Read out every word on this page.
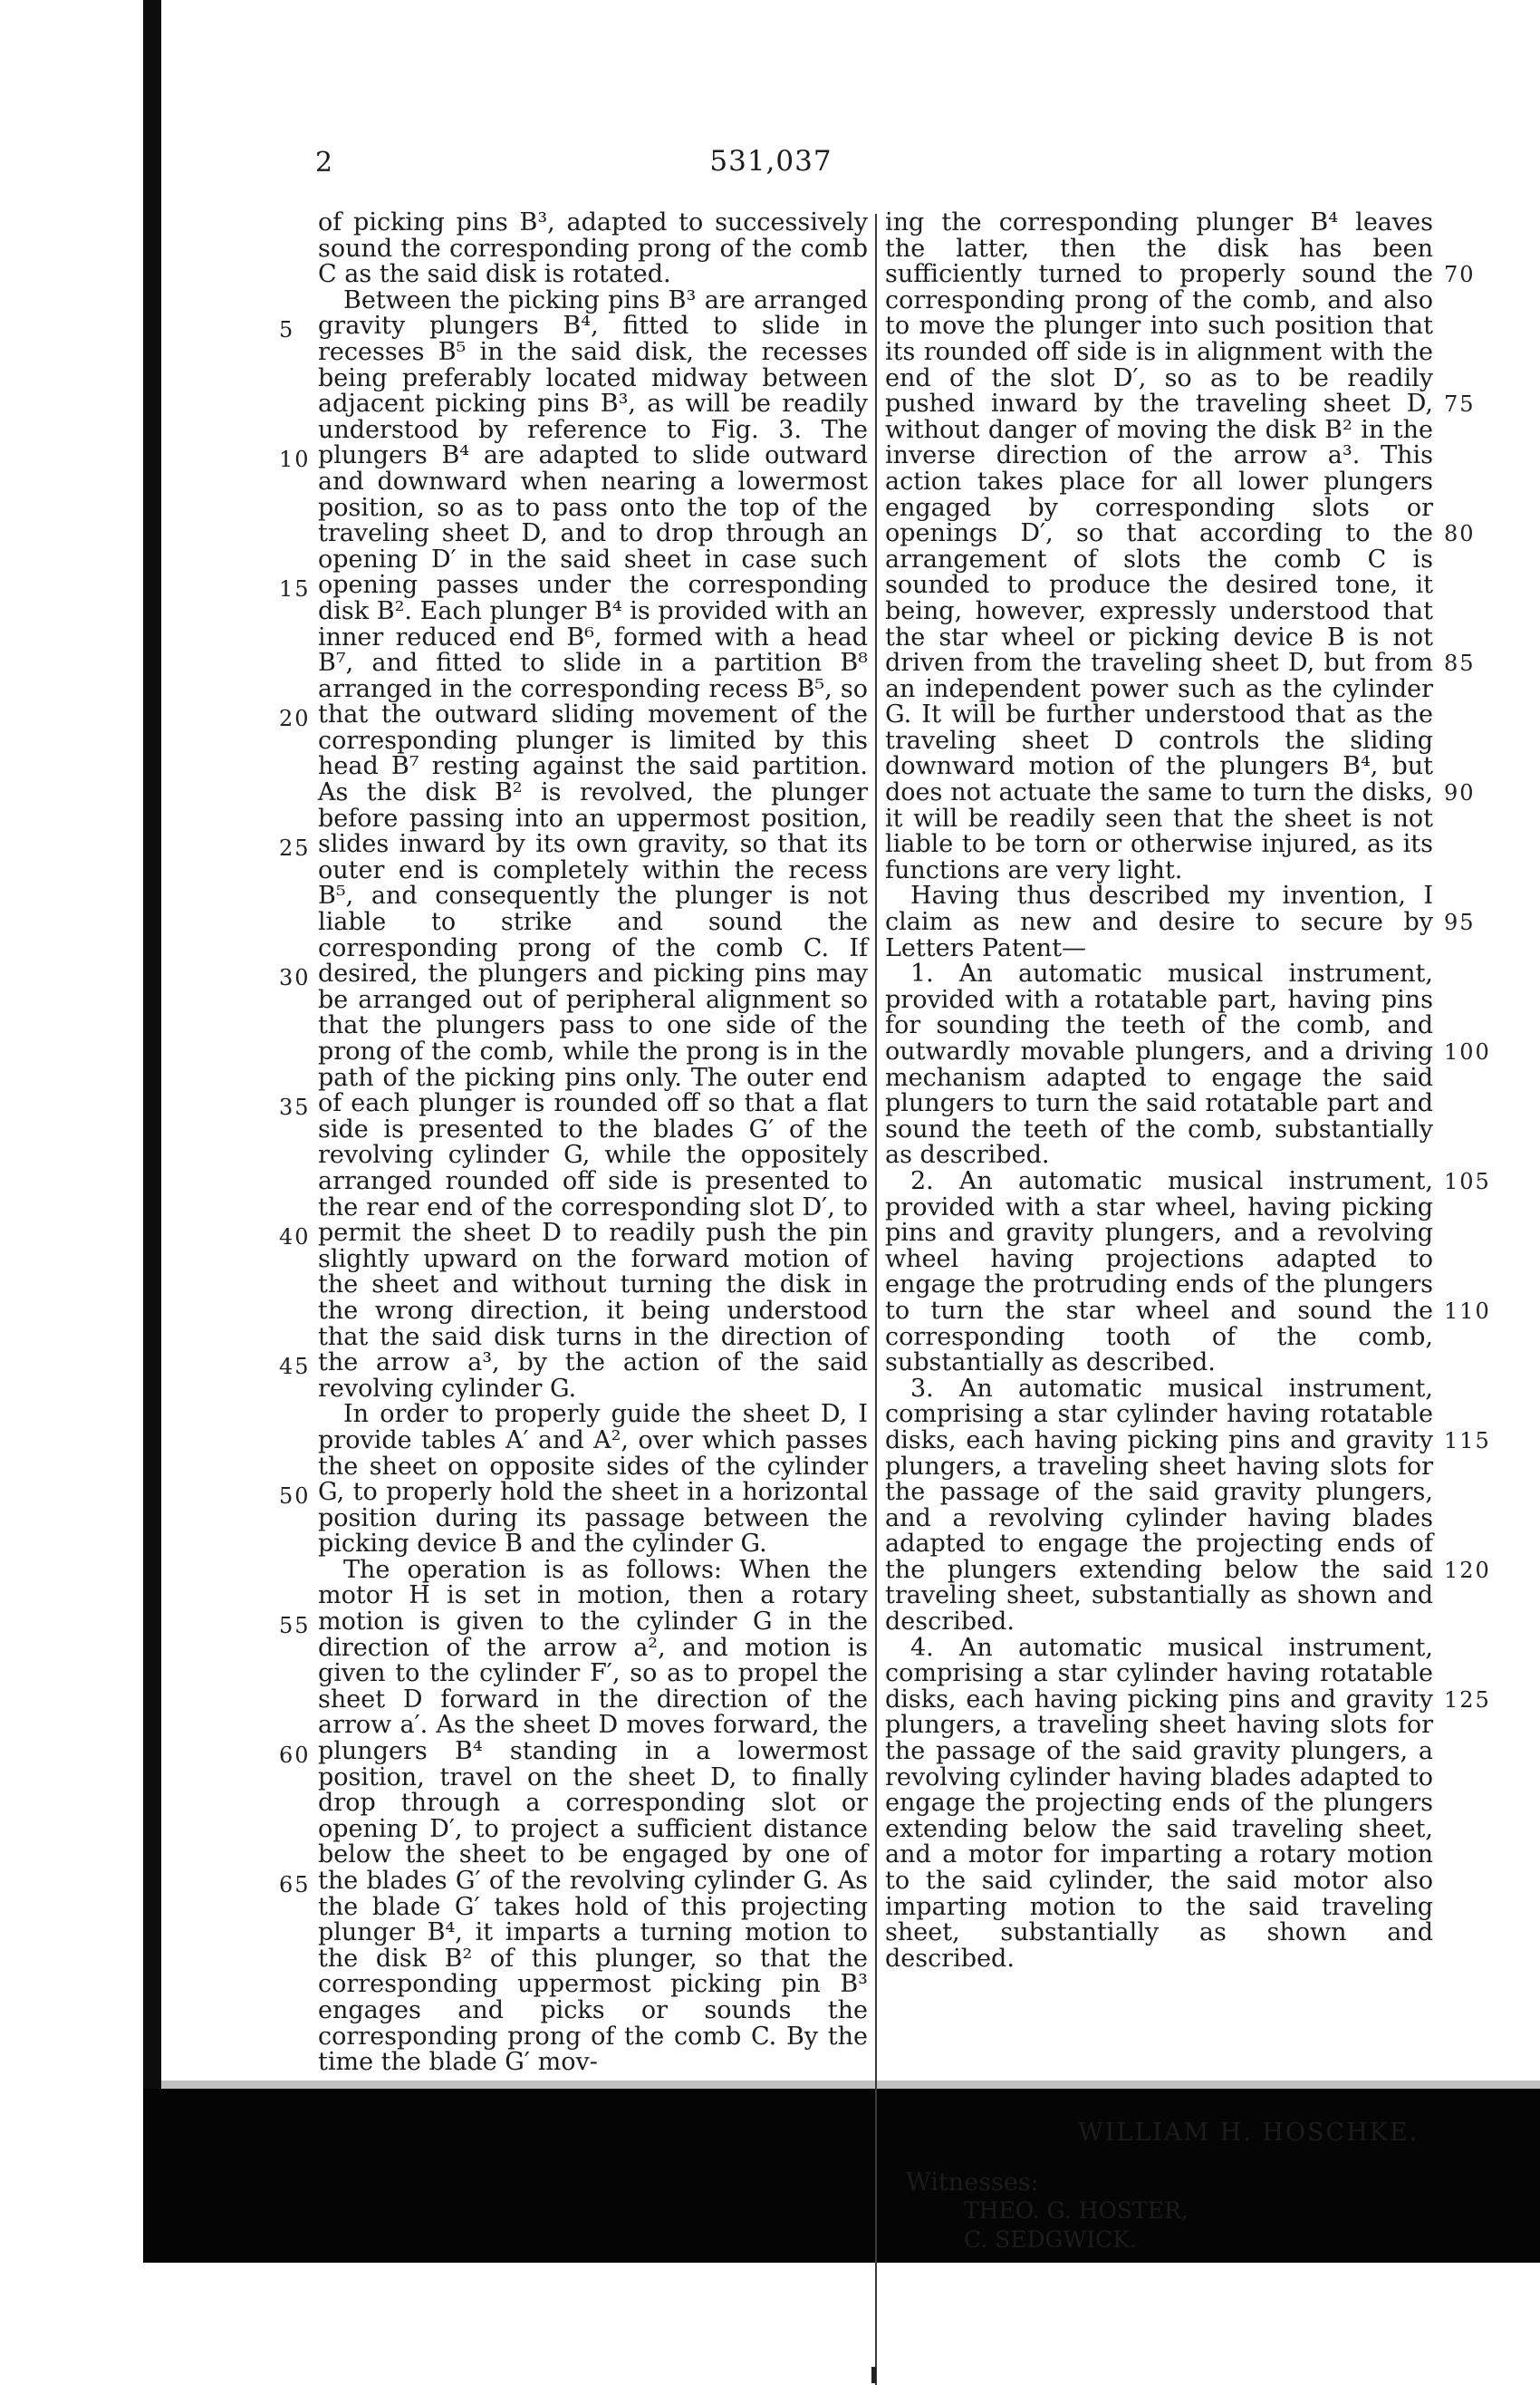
2	531,037

of picking pins B³, adapted to successively sound the corresponding prong of the comb C as the said disk is rotated.

Between the picking pins B³ are arranged gravity plungers B⁴, fitted to slide in recesses B⁵ in the said disk, the recesses being preferably located midway between adjacent picking pins B³, as will be readily understood by reference to Fig. 3. The plungers B⁴ are adapted to slide outward and downward when nearing a lowermost position, so as to pass onto the top of the traveling sheet D, and to drop through an opening D′ in the said sheet in case such opening passes under the corresponding disk B². Each plunger B⁴ is provided with an inner reduced end B⁶, formed with a head B⁷, and fitted to slide in a partition B⁸ arranged in the corresponding recess B⁵, so that the outward sliding movement of the corresponding plunger is limited by this head B⁷ resting against the said partition. As the disk B² is revolved, the plunger before passing into an uppermost position, slides inward by its own gravity, so that its outer end is completely within the recess B⁵, and consequently the plunger is not liable to strike and sound the corresponding prong of the comb C. If desired, the plungers and picking pins may be arranged out of peripheral alignment so that the plungers pass to one side of the prong of the comb, while the prong is in the path of the picking pins only. The outer end of each plunger is rounded off so that a flat side is presented to the blades G′ of the revolving cylinder G, while the oppositely arranged rounded off side is presented to the rear end of the corresponding slot D′, to permit the sheet D to readily push the pin slightly upward on the forward motion of the sheet and without turning the disk in the wrong direction, it being understood that the said disk turns in the direction of the arrow a³, by the action of the said revolving cylinder G.

In order to properly guide the sheet D, I provide tables A′ and A², over which passes the sheet on opposite sides of the cylinder G, to properly hold the sheet in a horizontal position during its passage between the picking device B and the cylinder G.

The operation is as follows: When the motor H is set in motion, then a rotary motion is given to the cylinder G in the direction of the arrow a², and motion is given to the cylinder F′, so as to propel the sheet D forward in the direction of the arrow a′. As the sheet D moves forward, the plungers B⁴ standing in a lowermost position, travel on the sheet D, to finally drop through a corresponding slot or opening D′, to project a sufficient distance below the sheet to be engaged by one of the blades G′ of the revolving cylinder G. As the blade G′ takes hold of this projecting plunger B⁴, it imparts a turning motion to the disk B² of this plunger, so that the corresponding uppermost picking pin B³ engages and picks or sounds the corresponding prong of the comb C. By the time the blade G′ mov-

ing the corresponding plunger B⁴ leaves the latter, then the disk has been sufficiently turned to properly sound the corresponding prong of the comb, and also to move the plunger into such position that its rounded off side is in alignment with the end of the slot D′, so as to be readily pushed inward by the traveling sheet D, without danger of moving the disk B² in the inverse direction of the arrow a³. This action takes place for all lower plungers engaged by corresponding slots or openings D′, so that according to the arrangement of slots the comb C is sounded to produce the desired tone, it being, however, expressly understood that the star wheel or picking device B is not driven from the traveling sheet D, but from an independent power such as the cylinder G. It will be further understood that as the traveling sheet D controls the sliding downward motion of the plungers B⁴, but does not actuate the same to turn the disks, it will be readily seen that the sheet is not liable to be torn or otherwise injured, as its functions are very light.

Having thus described my invention, I claim as new and desire to secure by Letters Patent—

1. An automatic musical instrument, provided with a rotatable part, having pins for sounding the teeth of the comb, and outwardly movable plungers, and a driving mechanism adapted to engage the said plungers to turn the said rotatable part and sound the teeth of the comb, substantially as described.

2. An automatic musical instrument, provided with a star wheel, having picking pins and gravity plungers, and a revolving wheel having projections adapted to engage the protruding ends of the plungers to turn the star wheel and sound the corresponding tooth of the comb, substantially as described.

3. An automatic musical instrument, comprising a star cylinder having rotatable disks, each having picking pins and gravity plungers, a traveling sheet having slots for the passage of the said gravity plungers, and a revolving cylinder having blades adapted to engage the projecting ends of the plungers extending below the said traveling sheet, substantially as shown and described.

4. An automatic musical instrument, comprising a star cylinder having rotatable disks, each having picking pins and gravity plungers, a traveling sheet having slots for the passage of the said gravity plungers, a revolving cylinder having blades adapted to engage the projecting ends of the plungers extending below the said traveling sheet, and a motor for imparting a rotary motion to the said cylinder, the said motor also imparting motion to the said traveling sheet, substantially as shown and described.

5
10
15
20
25
30
35
40
45
50
55
60
65
70
75
80
85
90
95
100
105
110
115
120
125
WILLIAM H. HOSCHKE.
Witnesses:
THEO. G. HOSTER,
C. SEDGWICK.
